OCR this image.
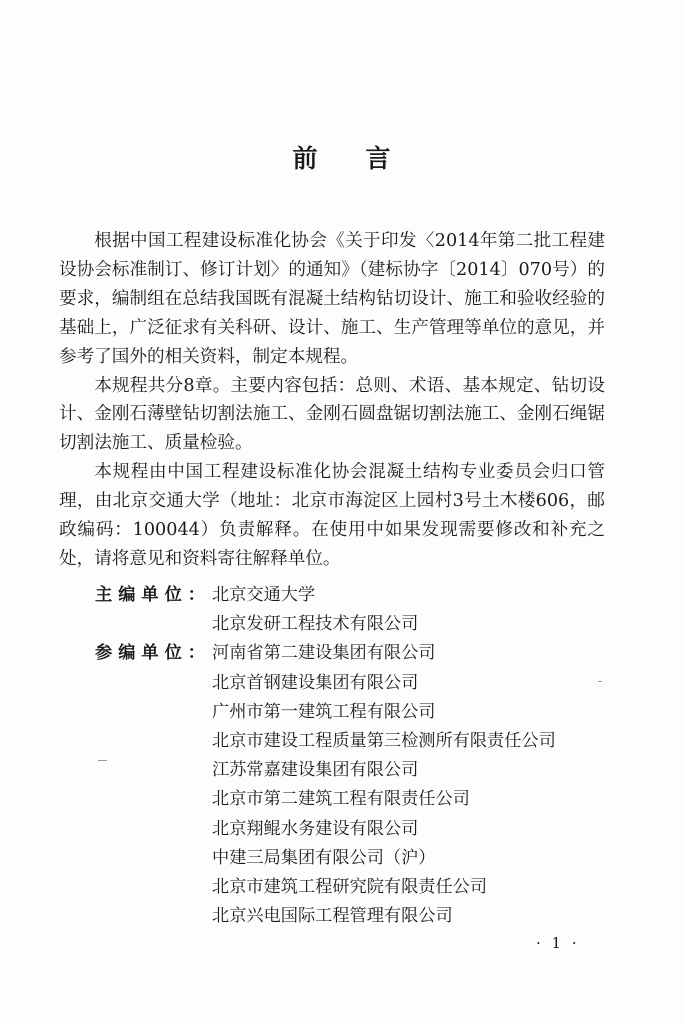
前言

根据中国工程建设标准化协会《关于印发〈2014年第二批工程建设协会标准制订、修订计划〉的通知》（建标协字〔2014〕070号）的要求，编制组在总结我国既有混凝土结构钻切设计、施工和验收经验的基础上，广泛征求有关科研、设计、施工、生产管理等单位的意见，并参考了国外的相关资料，制定本规程。

本规程共分8章。主要内容包括：总则、术语、基本规定、钻切设计、金刚石薄壁钻切割法施工、金刚石圆盘锯切割法施工、金刚石绳锯切割法施工、质量检验。

本规程由中国工程建设标准化协会混凝土结构专业委员会归口管理，由北京交通大学（地址：北京市海淀区上园村3号土木楼606，邮政编码：100044）负责解释。在使用中如果发现需要修改和补充之处，请将意见和资料寄往解释单位。

主编单位： 北京交通大学
北京发研工程技术有限公司
参编单位： 河南省第二建设集团有限公司
北京首钢建设集团有限公司
广州市第一建筑工程有限公司
北京市建设工程质量第三检测所有限责任公司
江苏常嘉建设集团有限公司
北京市第二建筑工程有限责任公司
北京翔鲲水务建设有限公司
中建三局集团有限公司（沪）
北京市建筑工程研究院有限责任公司
北京兴电国际工程管理有限公司
· 1 ·
